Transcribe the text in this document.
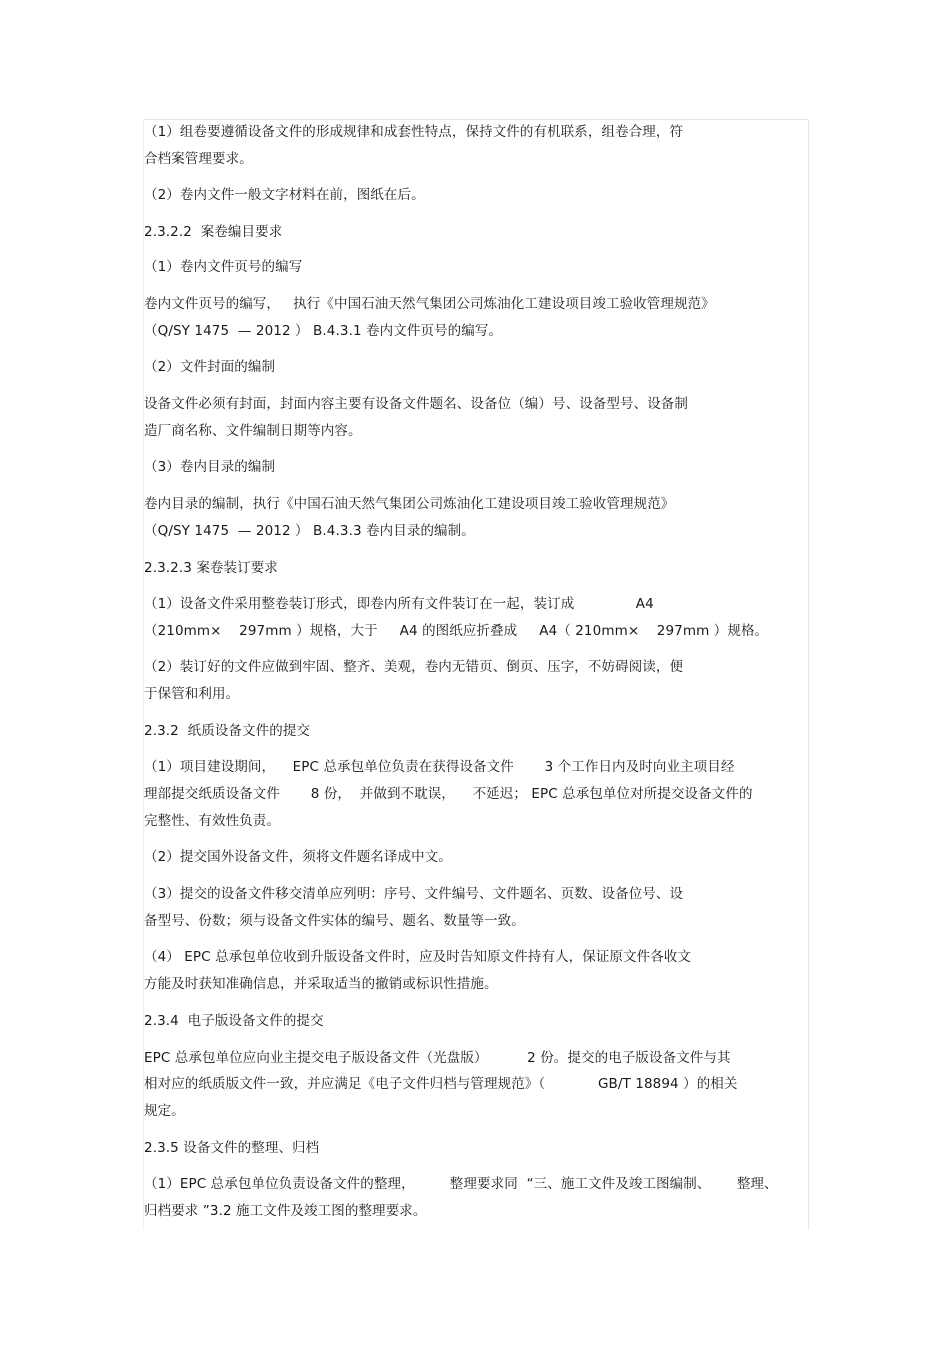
（1）组卷要遵循设备文件的形成规律和成套性特点，保持文件的有机联系，组卷合理，符
合档案管理要求。
（2）卷内文件一般文字材料在前，图纸在后。
2.3.2.2  案卷编目要求
（1）卷内文件页号的编写
卷内文件页号的编写，   执行《中国石油天然气集团公司炼油化工建设项目竣工验收管理规范》
（Q/SY 1475  — 2012 ） B.4.3.1 卷内文件页号的编写。
（2）文件封面的编制
设备文件必须有封面，封面内容主要有设备文件题名、设备位（编）号、设备型号、设备制
造厂商名称、文件编制日期等内容。
（3）卷内目录的编制
卷内目录的编制，执行《中国石油天然气集团公司炼油化工建设项目竣工验收管理规范》
（Q/SY 1475  — 2012 ） B.4.3.3 卷内目录的编制。
2.3.2.3 案卷装订要求
（1）设备文件采用整卷装订形式，即卷内所有文件装订在一起，装订成              A4
（210mm×    297mm ）规格，大于     A4 的图纸应折叠成     A4（ 210mm×    297mm ）规格。
（2）装订好的文件应做到牢固、整齐、美观，卷内无错页、倒页、压字，不妨碍阅读，便
于保管和利用。
2.3.2  纸质设备文件的提交
（1）项目建设期间，    EPC 总承包单位负责在获得设备文件       3 个工作日内及时向业主项目经
理部提交纸质设备文件       8 份，  并做到不耽误，    不延迟； EPC 总承包单位对所提交设备文件的
完整性、有效性负责。
（2）提交国外设备文件，须将文件题名译成中文。
（3）提交的设备文件移交清单应列明：序号、文件编号、文件题名、页数、设备位号、设
备型号、份数；须与设备文件实体的编号、题名、数量等一致。
（4） EPC 总承包单位收到升版设备文件时，应及时告知原文件持有人，保证原文件各收文
方能及时获知准确信息，并采取适当的撤销或标识性措施。
2.3.4  电子版设备文件的提交
EPC 总承包单位应向业主提交电子版设备文件（光盘版）         2 份。提交的电子版设备文件与其
相对应的纸质版文件一致，并应满足《电子文件归档与管理规范》（            GB/T 18894 ）的相关
规定。
2.3.5 设备文件的整理、归档
（1）EPC 总承包单位负责设备文件的整理，        整理要求同  “三、施工文件及竣工图编制、      整理、
归档要求 ”3.2 施工文件及竣工图的整理要求。
